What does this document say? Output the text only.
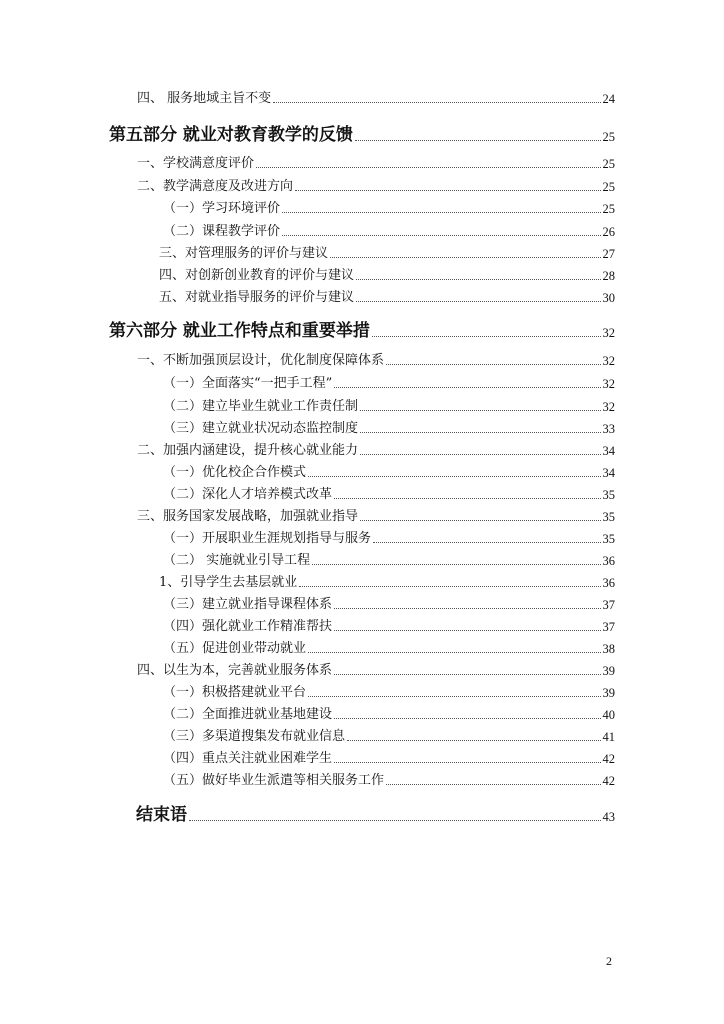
四、 服务地域主旨不变	24
第五部分 就业对教育教学的反馈	25
一、学校满意度评价	25
二、教学满意度及改进方向	25
（一）学习环境评价	25
（二）课程教学评价	26
三、对管理服务的评价与建议	27
四、对创新创业教育的评价与建议	28
五、对就业指导服务的评价与建议	30
第六部分 就业工作特点和重要举措	32
一、不断加强顶层设计，优化制度保障体系	32
（一）全面落实“一把手工程”	32
（二）建立毕业生就业工作责任制	32
（三）建立就业状况动态监控制度	33
二、加强内涵建设，提升核心就业能力	34
（一）优化校企合作模式	34
（二）深化人才培养模式改革	35
三、服务国家发展战略，加强就业指导	35
（一）开展职业生涯规划指导与服务	35
（二） 实施就业引导工程	36
1、引导学生去基层就业	36
（三）建立就业指导课程体系	37
（四）强化就业工作精准帮扶	37
（五）促进创业带动就业	38
四、以生为本，完善就业服务体系	39
（一）积极搭建就业平台	39
（二）全面推进就业基地建设	40
（三）多渠道搜集发布就业信息	41
（四）重点关注就业困难学生	42
（五）做好毕业生派遣等相关服务工作	42
结束语	43
2
